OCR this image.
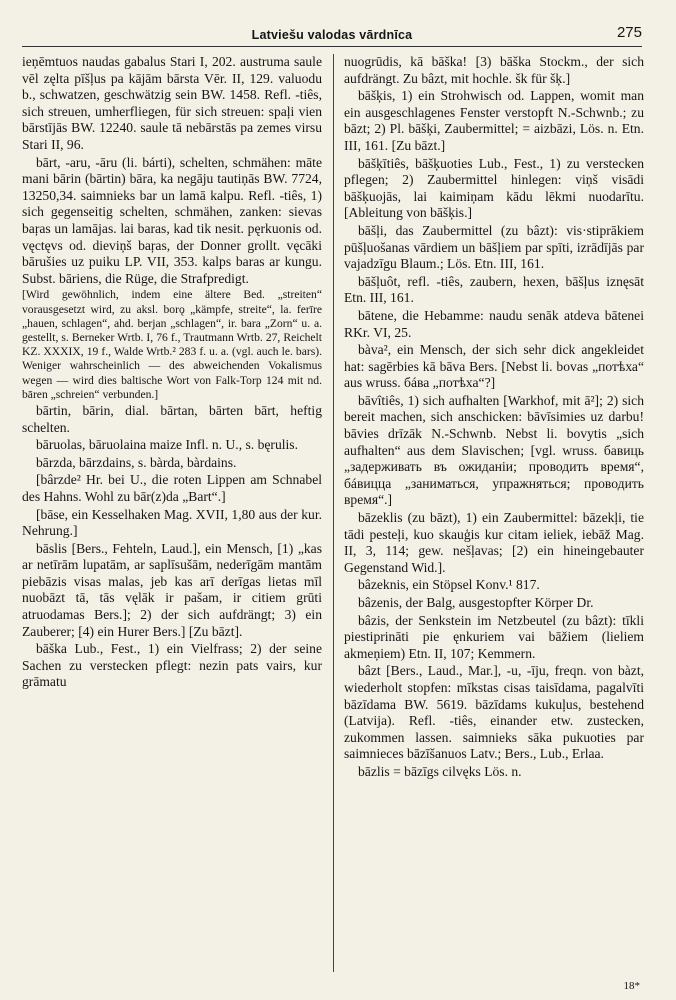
Latviešu valodas vārdnīca	275

ieņēmtuos naudas gabalus Stari I, 202. austruma saule vēl zęlta pīšļus pa kājām bārsta Vēr. II, 129. valuodu b., schwatzen, geschwätzig sein BW. 1458. Refl. -tiês, sich streuen, umherfliegen, für sich streuen: spaļi vien bārstījās BW. 12240. saule tā nebārstās pa zemes virsu Stari II, 96.

bārt, -aru, -āru (li. bárti), schelten, schmähen: māte mani bārin (bārtin) bāra, ka negāju tautiņās BW. 7724, 13250,34. saimnieks bar un lamā kalpu. Refl. -tiês, 1) sich gegenseitig schelten, schmähen, zanken: sievas baŗas un lamājas. lai baras, kad tik nesit. pęrkuonis od. vęctęvs od. dieviņš baŗas, der Donner grollt. vęcāki bārušies uz puiku LP. VII, 353. kalps baras ar kungu. Subst. bāriens, die Rüge, die Strafpredigt.

[Wird gewöhnlich, indem eine ältere Bed. „streiten“ vorausgesetzt wird, zu aksl. borǫ „kämpfe, streite“, la. ferīre „hauen, schlagen“, ahd. berjan „schlagen“, ir. bara „Zorn“ u. a. gestellt, s. Berneker Wrtb. I, 76 f., Trautmann Wrtb. 27, Reichelt KZ. XXXIX, 19 f., Walde Wrtb.² 283 f. u. a. (vgl. auch le. bars). Weniger wahrscheinlich — des abweichenden Vokalismus wegen — wird dies baltische Wort von Falk-Torp 124 mit nd. bāren „schreien“ verbunden.]

bārtin, bārin, dial. bārtan, bārten bārt, heftig schelten.

bāruolas, bāruolaina maize Infl. n. U., s. bęrulis.

bārzda, bārzdains, s. bàrda, bàrdains.

[bârzde² Hr. bei U., die roten Lippen am Schnabel des Hahns. Wohl zu bār(z)da „Bart“.]

[bāse, ein Kesselhaken Mag. XVII, 1,80 aus der kur. Nehrung.]

bāslis [Bers., Fehteln, Laud.], ein Mensch, [1) „kas ar netīrām lupatām, ar saplīsušām, nederīgām mantām piebāzis visas malas, jeb kas arī derīgas lietas mīl nuobāzt tā, tās vęlāk ir pašam, ir citiem grūti atruodamas Bers.]; 2) der sich aufdrängt; 3) ein Zauberer; [4) ein Hurer Bers.] [Zu bāzt].

bāška Lub., Fest., 1) ein Vielfrass; 2) der seine Sachen zu verstecken pflegt: nezin pats vairs, kur grāmatu

nuogrūdis, kā bāška! [3) bāška Stockm., der sich aufdrängt. Zu bâzt, mit hochle. šk für šķ.]

bāšķis, 1) ein Strohwisch od. Lappen, womit man ein ausgeschlagenes Fenster verstopft N.-Schwnb.; zu bāzt; 2) Pl. bāšķi, Zaubermittel; = aizbāzi, Lös. n. Etn. III, 161. [Zu bāzt.]

bāšķītiês, bāšķuoties Lub., Fest., 1) zu verstecken pflegen; 2) Zaubermittel hinlegen: viņš visādi bāšķuojās, lai kaimiņam kādu lēkmi nuodarītu. [Ableitung von bāšķis.]

bāšļi, das Zaubermittel (zu bâzt): vis·stiprākiem pūšļuošanas vārdiem un bāšļiem par spīti, izrādījās par vajadzīgu Blaum.; Lös. Etn. III, 161.

bāšļuôt, refl. -tiês, zaubern, hexen, bāšļus iznęsāt Etn. III, 161.

bātene, die Hebamme: naudu senāk atdeva bātenei RKr. VI, 25.

bàva², ein Mensch, der sich sehr dick angekleidet hat: sagērbies kā bāva Bers. [Nebst li. bovas „потѣха“ aus wruss. бáва „потѣха“?]

bāvîtiês, 1) sich aufhalten [Warkhof, mit ā²]; 2) sich bereit machen, sich anschicken: bāvīsimies uz darbu! bāvies drīzāk N.-Schwnb. Nebst li. bovytis „sich aufhalten“ aus dem Slavischen; [vgl. wruss. бавиць „задерживать въ ожиданiи; проводить время“, бáвиццa „заниматься, упражняться; проводить время“.]

bāzeklis (zu bāzt), 1) ein Zaubermittel: bāzekļi, tie tādi pesteļi, kuo skauģis kur citam ieliek, iebāž Mag. II, 3, 114; gew. nešļavas; [2) ein hineingebauter Gegenstand Wid.].

bâzeknis, ein Stöpsel Konv.¹ 817.

bâzenis, der Balg, ausgestopfter Körper Dr.

bâzis, der Senkstein im Netzbeutel (zu bâzt): tīkli piestiprināti pie ęnkuriem vai bāžiem (lieliem akmeņiem) Etn. II, 107; Kemmern.

bâzt [Bers., Laud., Mar.], -u, -īju, freqn. von bàzt, wiederholt stopfen: mīkstas cisas taisīdama, pagalvīti bāzīdama BW. 5619. bāzīdams kukuļus, bestehend (Latvija). Refl. -tiês, einander etw. zustecken, zukommen lassen. saimnieks sāka pukuoties par saimnieces bāzīšanuos Latv.; Bers., Lub., Erlaa.

bāzlis = bāzīgs cilvęks Lös. n.

18*
